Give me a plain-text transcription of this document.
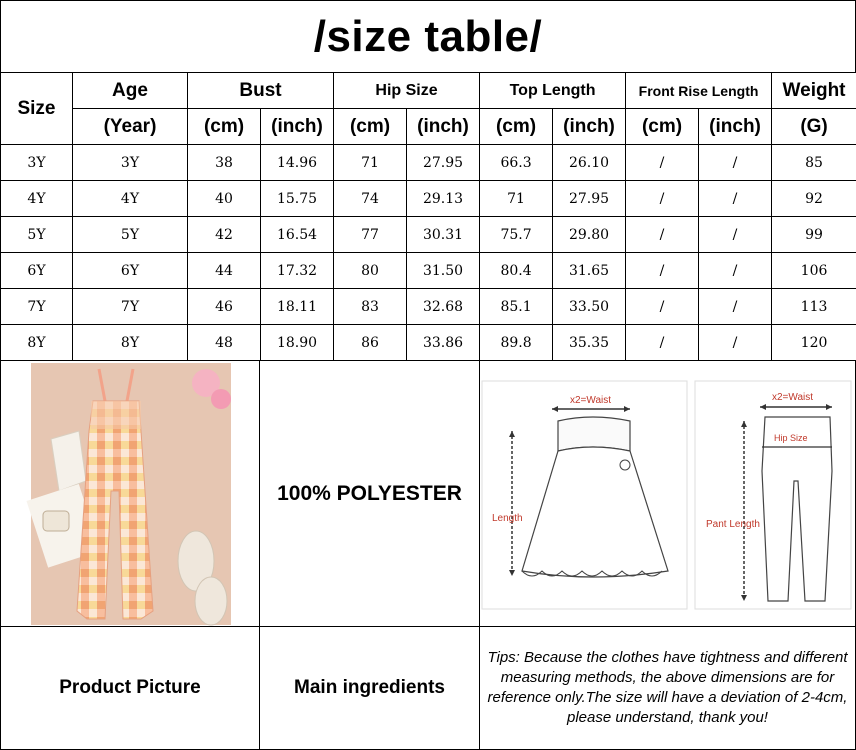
/size table/
Size	Age	Bust		Hip Size		Top Length		Front Rise Length		Weight
	(Year)	(cm)	(inch)	(cm)	(inch)	(cm)	(inch)	(cm)	(inch)	(G)
3Y	3Y	38	14.96	71	27.95	66.3	26.10	/	/	85
4Y	4Y	40	15.75	74	29.13	71	27.95	/	/	92
5Y	5Y	42	16.54	77	30.31	75.7	29.80	/	/	99
6Y	6Y	44	17.32	80	31.50	80.4	31.65	/	/	106
7Y	7Y	46	18.11	83	32.68	85.1	33.50	/	/	113
8Y	8Y	48	18.90	86	33.86	89.8	35.35	/	/	120
100% POLYESTER
x2=Waist
Length
x2=Waist
Hip Size
Pant Length
Product Picture	Main ingredients
Tips: Because the clothes have tightness and different measuring methods, the above dimensions are for reference only.The size will have a deviation of 2-4cm, please understand, thank you!
